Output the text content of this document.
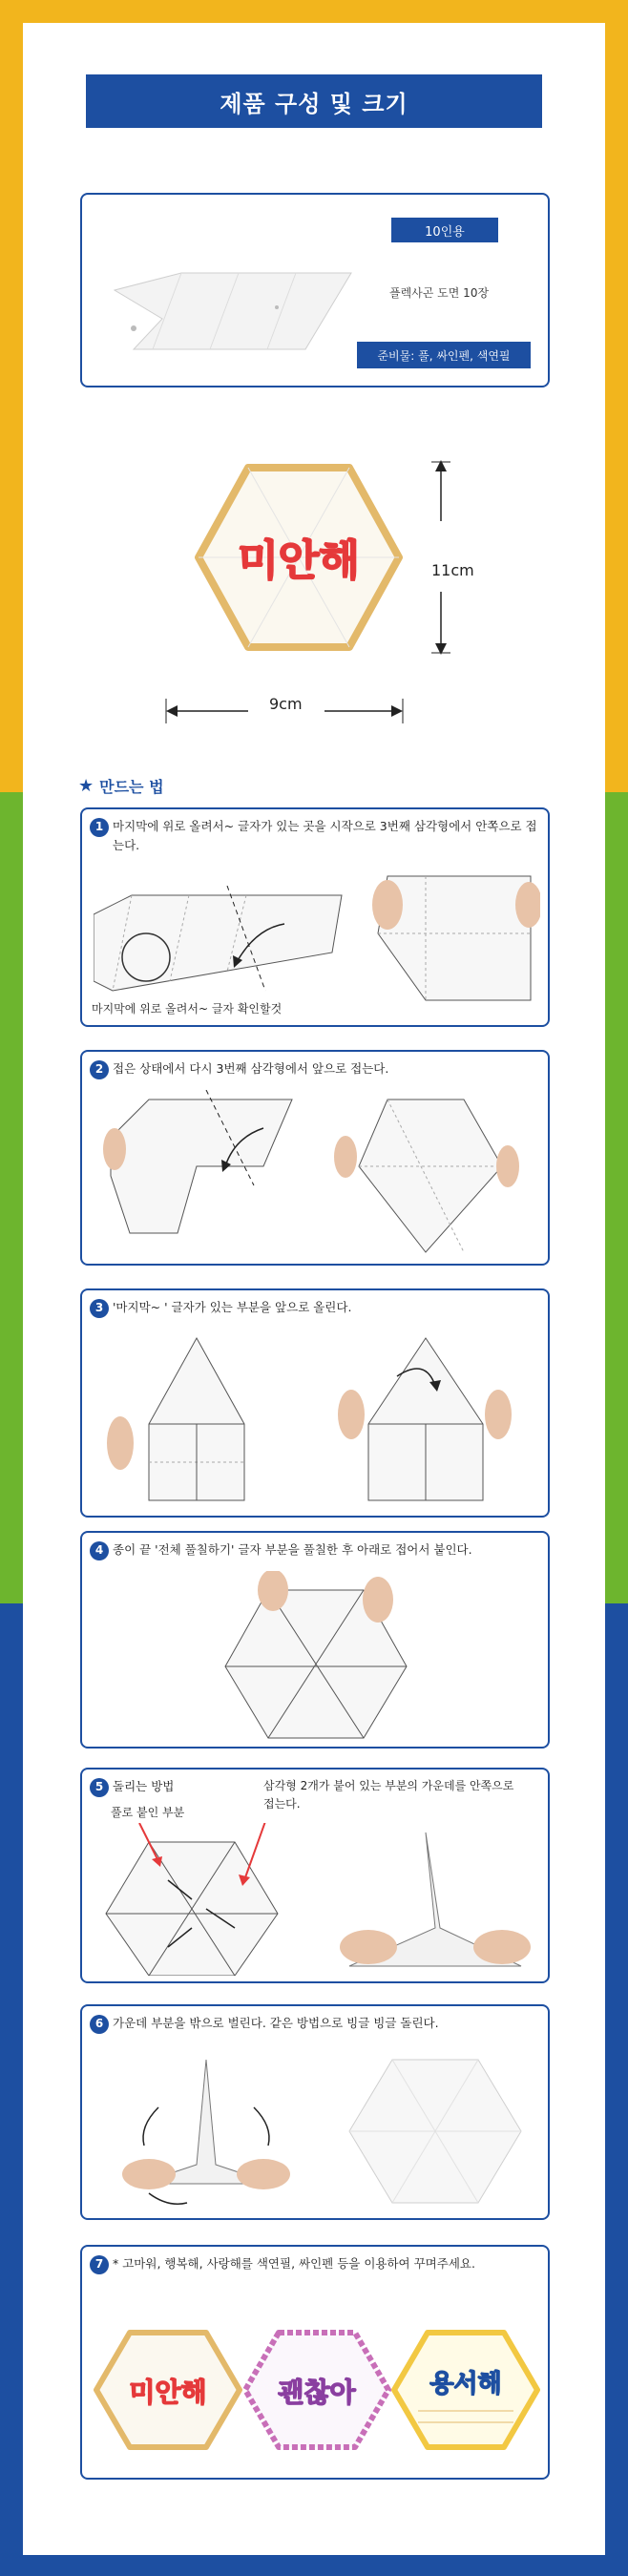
제품 구성 및 크기
10인용
플렉사곤 도면 10장
준비물: 풀, 싸인펜, 색연필
미안해	11cm
9cm
★ 만드는 법
1 마지막에 위로 올려서~ 글자가 있는 곳을 시작으로 3번째 삼각형에서 안쪽으로 접는다.
마지막에 위로 올려서~ 글자 확인할것
2 접은 상태에서 다시 3번째 삼각형에서 앞으로 접는다.
3 '마지막~ ' 글자가 있는 부분을 앞으로 올린다.
4 종이 끝 '전체 풀칠하기' 글자 부분을 풀칠한 후 아래로 접어서 붙인다.
5 돌리는 방법
풀로 붙인 부분
삼각형 2개가 붙어 있는 부분의 가운데를 안쪽으로 접는다.
6 가운데 부분을 밖으로 벌린다. 같은 방법으로 빙글 빙글 돌린다.
7 * 고마워, 행복해, 사랑해를 색연필, 싸인펜 등을 이용하여 꾸며주세요.
미안해	괜찮아	용서해
